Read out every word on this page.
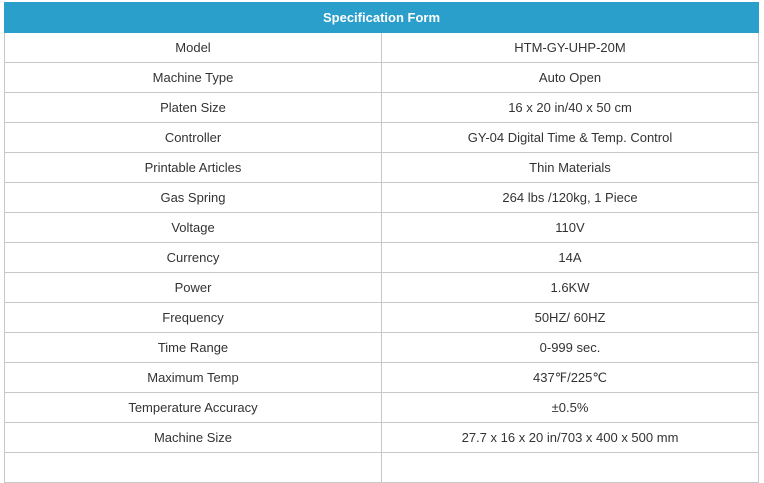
Specification Form	
Model	HTM-GY-UHP-20M
Machine Type	Auto Open
Platen Size	16 x 20 in/40 x 50 cm
Controller	GY-04 Digital Time & Temp. Control
Printable Articles	Thin Materials
Gas Spring	264 lbs /120kg, 1 Piece
Voltage	110V
Currency	14A
Power	1.6KW
Frequency	50HZ/ 60HZ
Time Range	0-999 sec.
Maximum Temp	437℉/225℃
Temperature Accuracy	±0.5%
Machine Size	27.7 x 16 x 20 in/703 x 400 x 500 mm
